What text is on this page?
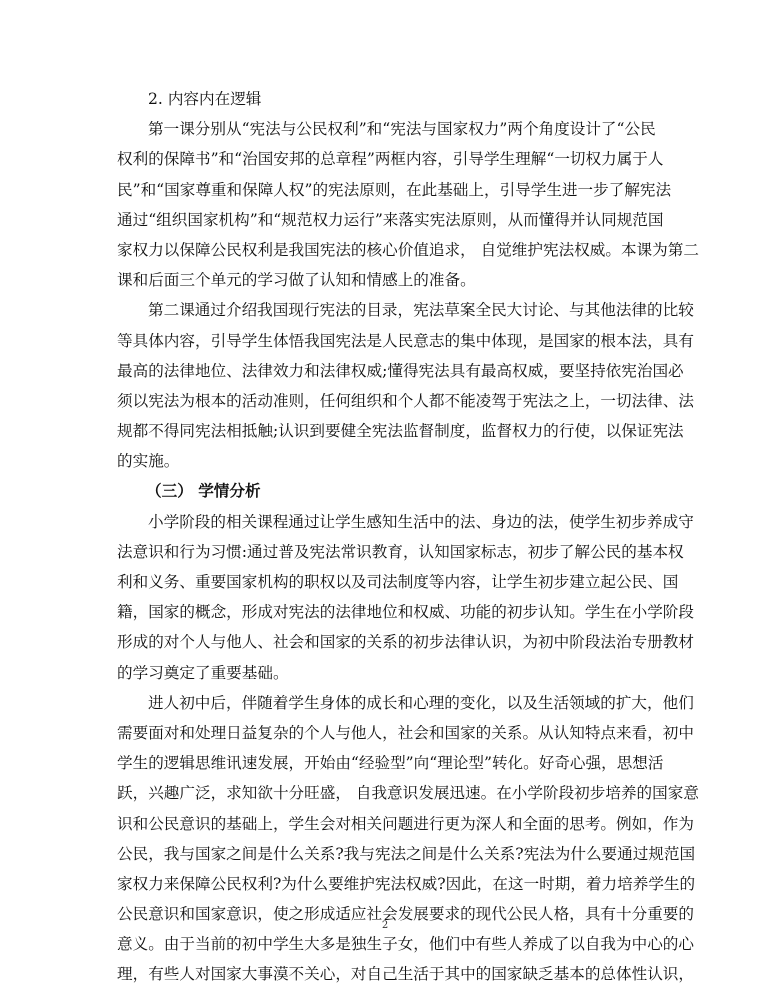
2. 内容内在逻辑
第一课分别从“宪法与公民权利”和“宪法与国家权力”两个角度设计了“公民
权利的保障书”和“治国安邦的总章程”两框内容，引导学生理解“一切权力属于人
民”和“国家尊重和保障人权”的宪法原则，在此基础上，引导学生进一步了解宪法
通过“组织国家机构”和“规范权力运行”来落实宪法原则，从而懂得并认同规范国
家权力以保障公民权利是我国宪法的核心价值追求， 自觉维护宪法权威。本课为第二
课和后面三个单元的学习做了认知和情感上的准备。
第二课通过介绍我国现行宪法的目录，宪法草案全民大讨论、与其他法律的比较
等具体内容，引导学生体悟我国宪法是人民意志的集中体现，是国家的根本法，具有
最高的法律地位、法律效力和法律权威;懂得宪法具有最高权威，要坚持依宪治国必
须以宪法为根本的活动准则，任何组织和个人都不能凌驾于宪法之上，一切法律、法
规都不得同宪法相抵触;认识到要健全宪法监督制度，监督权力的行使，以保证宪法
的实施。
（三） 学情分析
小学阶段的相关课程通过让学生感知生活中的法、身边的法，使学生初步养成守
法意识和行为习惯:通过普及宪法常识教育，认知国家标志，初步了解公民的基本权
利和义务、重要国家机构的职权以及司法制度等内容，让学生初步建立起公民、国
籍，国家的概念，形成对宪法的法律地位和权威、功能的初步认知。学生在小学阶段
形成的对个人与他人、社会和国家的关系的初步法律认识，为初中阶段法治专册教材
的学习奠定了重要基础。
进人初中后，伴随着学生身体的成长和心理的变化，以及生活领域的扩大，他们
需要面对和处理日益复杂的个人与他人，社会和国家的关系。从认知特点来看，初中
学生的逻辑思维讯速发展，开始由“经验型”向“理论型”转化。好奇心强，思想活
跃，兴趣广泛，求知欲十分旺盛， 自我意识发展迅速。在小学阶段初步培养的国家意
识和公民意识的基础上，学生会对相关问题进行更为深人和全面的思考。例如，作为
公民，我与国家之间是什么关系?我与宪法之间是什么关系?宪法为什么要通过规范国
家权力来保障公民权利?为什么要维护宪法权威?因此，在这一时期，着力培养学生的
公民意识和国家意识，使之形成适应社会发展要求的现代公民人格，具有十分重要的
意义。由于当前的初中学生大多是独生子女，他们中有些人养成了以自我为中心的心
理，有些人对国家大事漠不关心，对自己生活于其中的国家缺乏基本的总体性认识，
2
